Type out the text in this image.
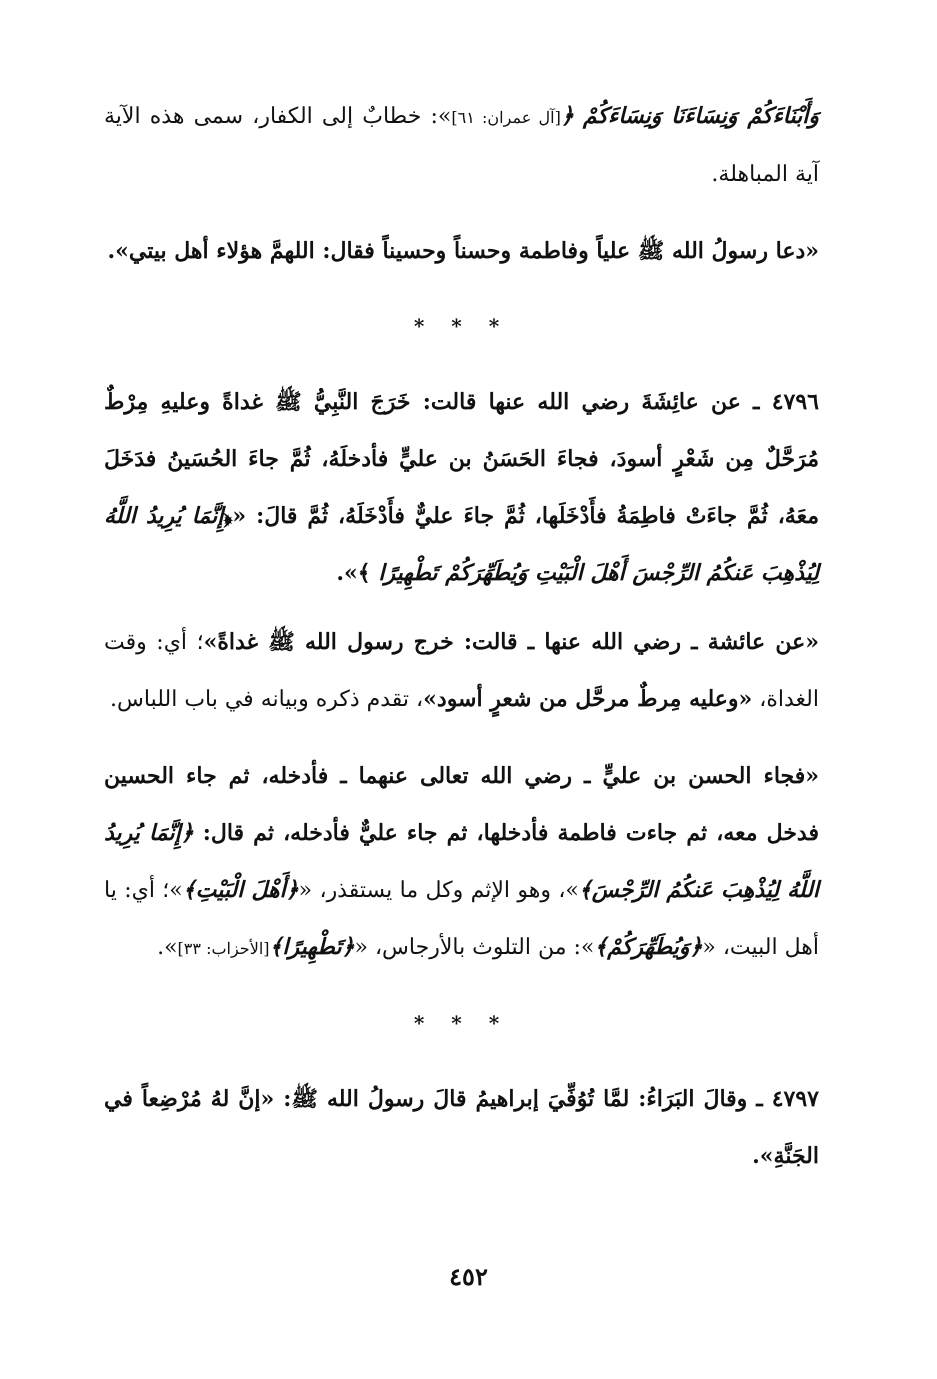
وَأَبْنَاءَكُمْ وَنِسَاءَنَا وَنِسَاءَكُمْ ﴿[آل عمران: ٦١]»: خطابٌ إلى الكفار، سمى هذه الآية آية المباهلة.

«دعا رسولُ الله ﷺ علياً وفاطمة وحسناً وحسيناً فقال: اللهمَّ هؤلاء أهل بيتي».

* * *

٤٧٩٦ ـ عن عائِشَةَ رضي الله عنها قالت: خَرَجَ النَّبِيُّ ﷺ غداةً وعليهِ مِرْطٌ مُرَحَّلٌ مِن شَعْرٍ أسودَ، فجاءَ الحَسَنُ بن عليٍّ فأدخلَهُ، ثُمَّ جاءَ الحُسَينُ فدَخَلَ معَهُ، ثُمَّ جاءَتْ فاطِمَةُ فأَدْخَلَها، ثُمَّ جاءَ عليٌّ فأَدْخَلَهُ، ثُمَّ قالَ: «﴿إِنَّمَا يُرِيدُ اللَّهُ لِيُذْهِبَ عَنكُمُ الرِّجْسَ أَهْلَ الْبَيْتِ وَيُطَهِّرَكُمْ تَطْهِيرًا ﴾».

«عن عائشة ـ رضي الله عنها ـ قالت: خرج رسول الله ﷺ غداةً»؛ أي: وقت الغداة، «وعليه مِرطٌ مرحَّل من شعرٍ أسود»، تقدم ذكره وبيانه في باب اللباس.

«فجاء الحسن بن عليٍّ ـ رضي الله تعالى عنهما ـ فأدخله، ثم جاء الحسين فدخل معه، ثم جاءت فاطمة فأدخلها، ثم جاء عليٌّ فأدخله، ثم قال: ﴿إِنَّمَا يُرِيدُ اللَّهُ لِيُذْهِبَ عَنكُمُ الرِّجْسَ﴾»، وهو الإثم وكل ما يستقذر، «﴿أَهْلَ الْبَيْتِ﴾»؛ أي: يا أهل البيت، «﴿وَيُطَهِّرَكُمْ﴾»: من التلوث بالأرجاس، «﴿تَطْهِيرًا﴾[الأحزاب: ٣٣]».

* * *

٤٧٩٧ ـ وقالَ البَرَاءُ: لمَّا تُوُفِّيَ إبراهيمُ قالَ رسولُ الله ﷺ: «إنَّ لهُ مُرْضِعاً في الجَنَّةِ».

٤٥٢
